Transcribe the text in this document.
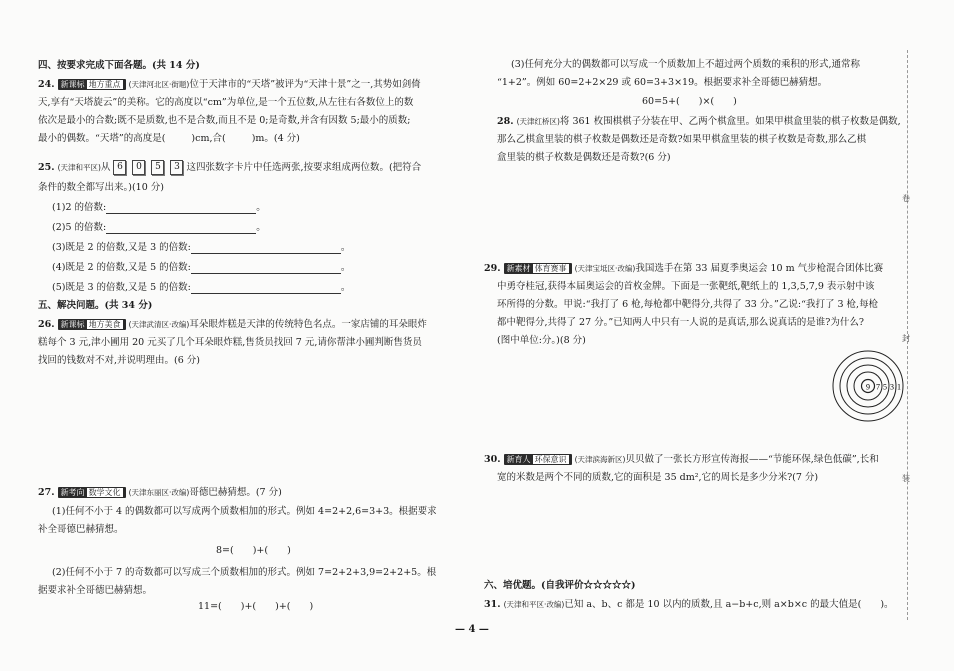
四、按要求完成下面各题。(共 14 分)
24. 新课标 地方重点 (天津河北区·街题)位于天津市的“天塔”被评为“天津十景”之一,其势如剑倚
天,享有“天塔旋云”的美称。它的高度以“cm”为单位,是一个五位数,从左往右各数位上的数
依次是最小的合数;既不是质数,也不是合数,而且不是 0;是奇数,并含有因数 5;最小的质数;
最小的偶数。“天塔”的高度是(	)cm,合(	)m。(4 分)
25. (天津和平区)从 6 0 5 3 这四张数字卡片中任选两张,按要求组成两位数。(把符合
条件的数全都写出来。)(10 分)
(1)2 的倍数:	。
(2)5 的倍数:	。
(3)既是 2 的倍数,又是 3 的倍数:	。
(4)既是 2 的倍数,又是 5 的倍数:	。
(5)既是 3 的倍数,又是 5 的倍数:	。
五、解决问题。(共 34 分)
26. 新课标 地方美食 (天津武清区·改编)耳朵眼炸糕是天津的传统特色名点。一家店铺的耳朵眼炸
糕每个 3 元,津小圃用 20 元买了几个耳朵眼炸糕,售货员找回 7 元,请你帮津小圃判断售货员
找回的钱数对不对,并说明理由。(6 分)
27. 新考向 数学文化 (天津东丽区·改编)哥德巴赫猜想。(7 分)
(1)任何不小于 4 的偶数都可以写成两个质数相加的形式。例如 4=2+2,6=3+3。根据要求
补全哥德巴赫猜想。
8=(　　)+(　　)
(2)任何不小于 7 的奇数都可以写成三个质数相加的形式。例如 7=2+2+3,9=2+2+5。根
据要求补全哥德巴赫猜想。
11=(　　)+(　　)+(　　)
(3)任何充分大的偶数都可以写成一个质数加上不超过两个质数的乘积的形式,通常称
“1+2”。例如 60=2+2×29 或 60=3+3×19。根据要求补全哥德巴赫猜想。
60=5+(　　)×(　　)
28. (天津红桥区)将 361 枚围棋棋子分装在甲、乙两个棋盒里。如果甲棋盒里装的棋子枚数是偶数,
那么乙棋盒里装的棋子枚数是偶数还是奇数?如果甲棋盒里装的棋子枚数是奇数,那么乙棋
盒里装的棋子枚数是偶数还是奇数?(6 分)
29. 新素材 体育赛事 (天津宝坻区·改编)我国选手在第 33 届夏季奥运会 10 m 气步枪混合团体比赛
中勇夺桂冠,获得本届奥运会的首枚金牌。下面是一张靶纸,靶纸上的 1,3,5,7,9 表示射中该
环所得的分数。甲说:“我打了 6 枪,每枪都中靶得分,共得了 33 分。”乙说:“我打了 3 枪,每枪
都中靶得分,共得了 27 分。”已知两人中只有一人说的是真话,那么说真话的是谁?为什么?
(图中单位:分。)(8 分)
30. 新育人 环保意识 (天津滨海新区)贝贝做了一张长方形宣传海报——“节能环保,绿色低碳”,长和
宽的米数是两个不同的质数,它的面积是 35 dm²,它的周长是多少分米?(7 分)
六、培优题。(自我评价☆☆☆☆☆)
31. (天津和平区·改编)已知 a、b、c 都是 10 以内的质数,且 a−b+c,则 a×b×c 的最大值是(　　)。
9 7 5 3 1
卷
封
装
— 4 —
